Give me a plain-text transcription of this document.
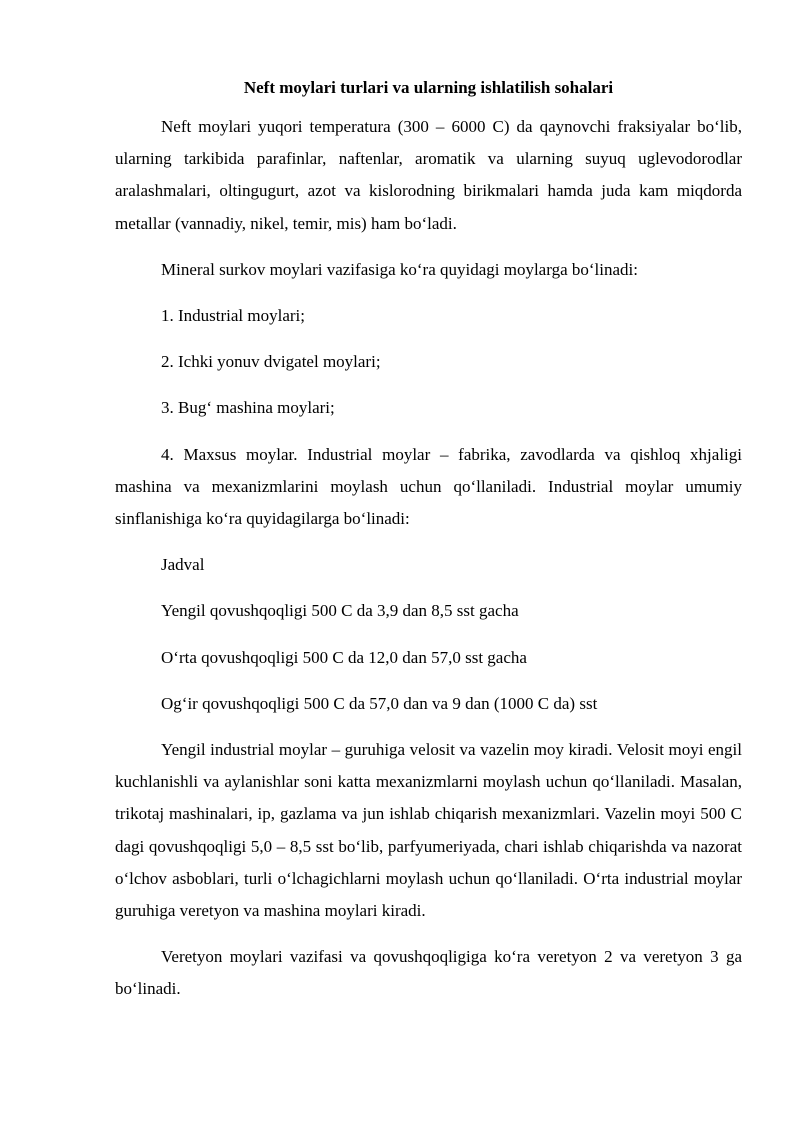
Neft moylari turlari va ularning ishlatilish sohalari

Neft moylari yuqori temperatura (300 – 6000 C) da qaynovchi fraksiyalar bo‘lib, ularning tarkibida parafinlar, naftenlar, aromatik va ularning suyuq uglevodorodlar aralashmalari, oltingugurt, azot va kislorodning birikmalari hamda juda kam miqdorda metallar (vannadiy, nikel, temir, mis) ham bo‘ladi.

Mineral surkov moylari vazifasiga ko‘ra quyidagi moylarga bo‘linadi:

1. Industrial moylari;

2. Ichki yonuv dvigatel moylari;

3. Bug‘ mashina moylari;

4. Maxsus moylar. Industrial moylar – fabrika, zavodlarda va qishloq xhjaligi mashina va mexanizmlarini moylash uchun qo‘llaniladi. Industrial moylar umumiy sinflanishiga ko‘ra quyidagilarga bo‘linadi:

Jadval

Yengil qovushqoqligi 500 C da 3,9 dan 8,5 sst gacha

O‘rta qovushqoqligi 500 C da 12,0 dan 57,0 sst gacha

Og‘ir qovushqoqligi 500 C da 57,0 dan va 9 dan (1000 C da) sst

Yengil industrial moylar – guruhiga velosit va vazelin moy kiradi. Velosit moyi engil kuchlanishli va aylanishlar soni katta mexanizmlarni moylash uchun qo‘llaniladi. Masalan, trikotaj mashinalari, ip, gazlama va jun ishlab chiqarish mexanizmlari. Vazelin moyi 500 C dagi qovushqoqligi 5,0 – 8,5 sst bo‘lib, parfyumeriyada, chari ishlab chiqarishda va nazorat o‘lchov asboblari, turli o‘lchagichlarni moylash uchun qo‘llaniladi. O‘rta industrial moylar guruhiga veretyon va mashina moylari kiradi.

Veretyon moylari vazifasi va qovushqoqligiga ko‘ra veretyon 2 va veretyon 3 ga bo‘linadi.
